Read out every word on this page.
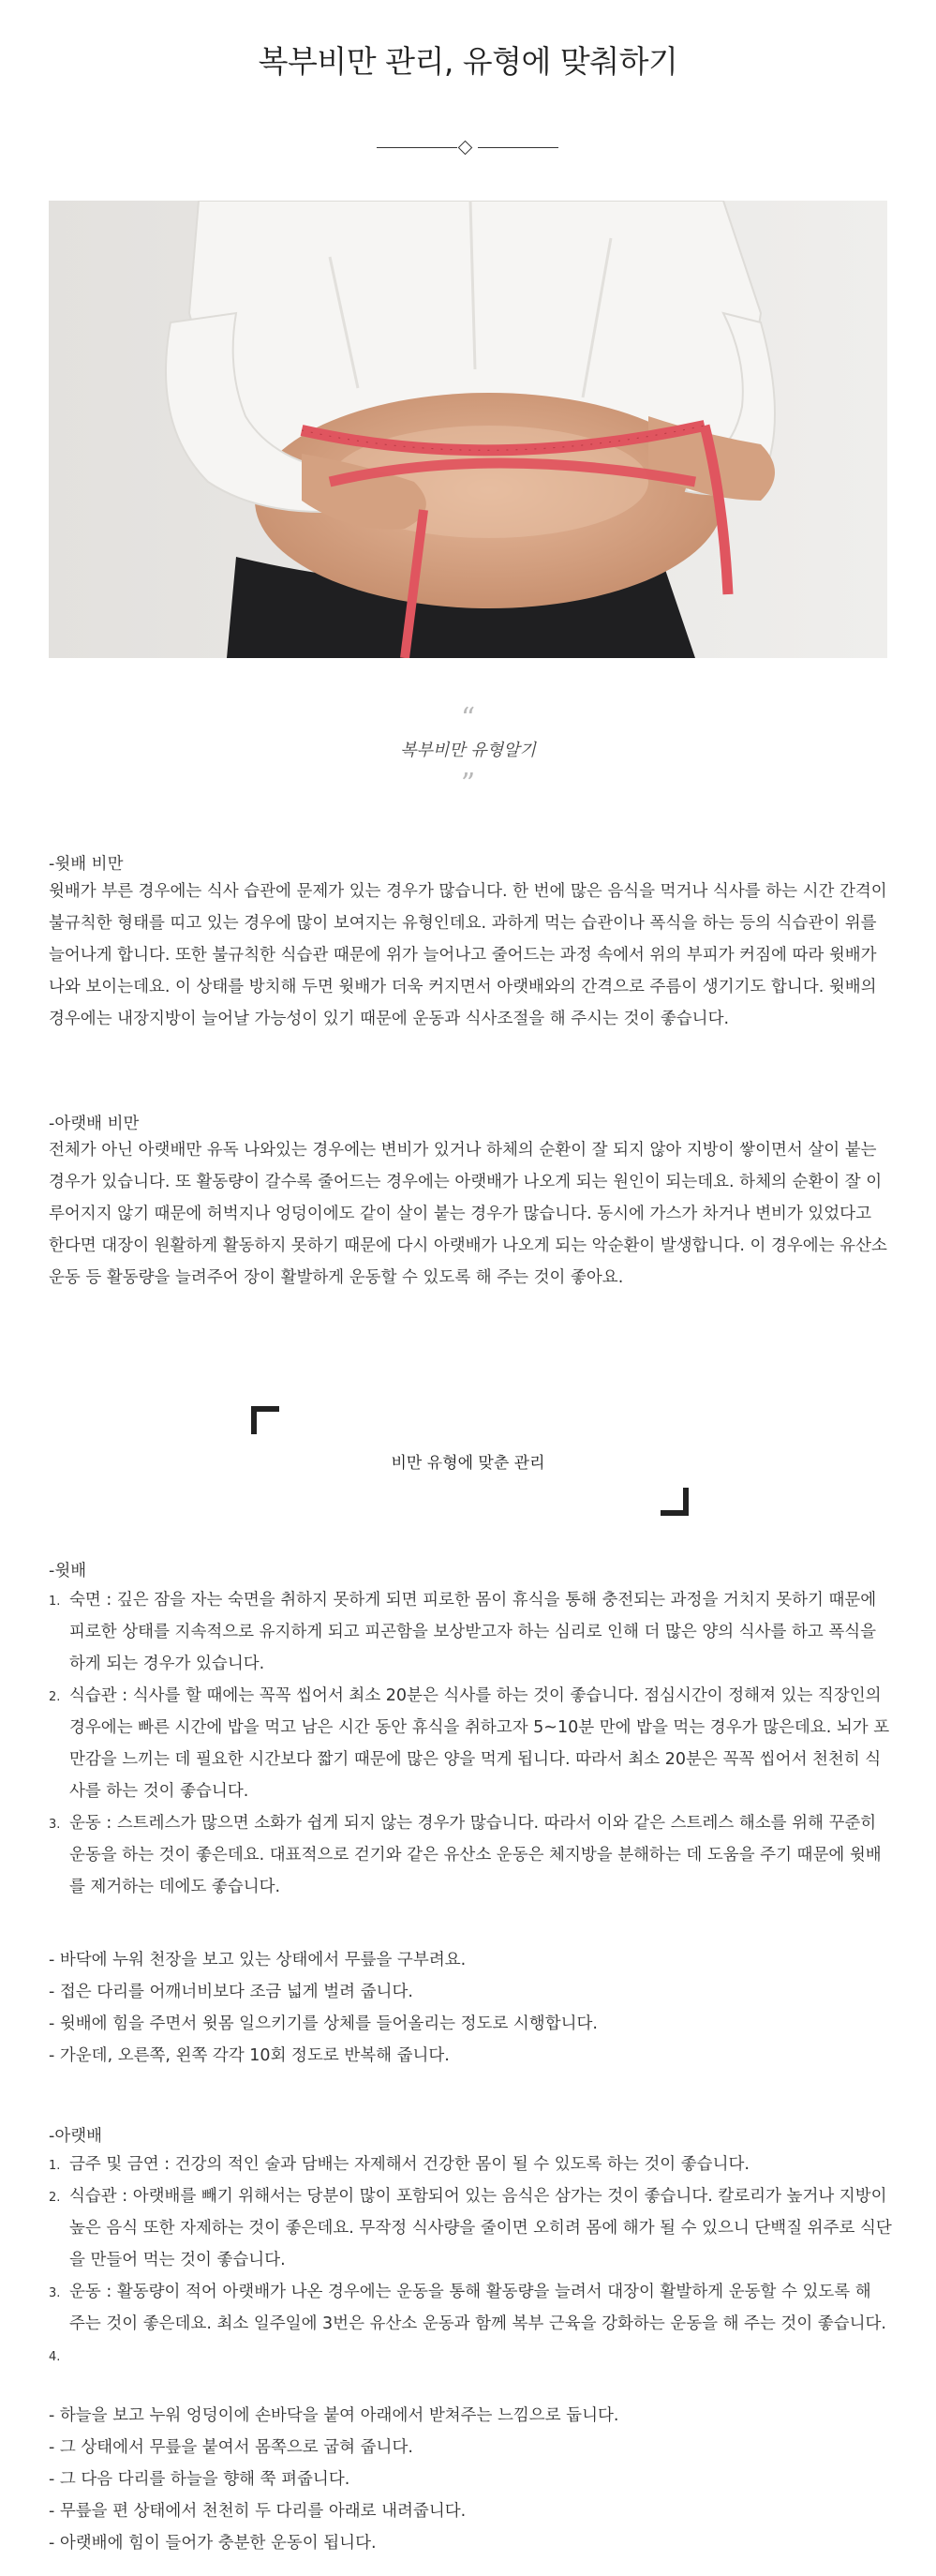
복부비만 관리, 유형에 맞춰하기
“
복부비만 유형알기
”
-윗배 비만

윗배가 부른 경우에는 식사 습관에 문제가 있는 경우가 많습니다. 한 번에 많은 음식을 먹거나 식사를 하는 시간 간격이 불규칙한 형태를 띠고 있는 경우에 많이 보여지는 유형인데요. 과하게 먹는 습관이나 폭식을 하는 등의 식습관이 위를 늘어나게 합니다. 또한 불규칙한 식습관 때문에 위가 늘어나고 줄어드는 과정 속에서 위의 부피가 커짐에 따라 윗배가 나와 보이는데요. 이 상태를 방치해 두면 윗배가 더욱 커지면서 아랫배와의 간격으로 주름이 생기기도 합니다. 윗배의 경우에는 내장지방이 늘어날 가능성이 있기 때문에 운동과 식사조절을 해 주시는 것이 좋습니다.

-아랫배 비만

전체가 아닌 아랫배만 유독 나와있는 경우에는 변비가 있거나 하체의 순환이 잘 되지 않아 지방이 쌓이면서 살이 붙는 경우가 있습니다. 또 활동량이 갈수록 줄어드는 경우에는 아랫배가 나오게 되는 원인이 되는데요. 하체의 순환이 잘 이루어지지 않기 때문에 허벅지나 엉덩이에도 같이 살이 붙는 경우가 많습니다. 동시에 가스가 차거나 변비가 있었다고 한다면 대장이 원활하게 활동하지 못하기 때문에 다시 아랫배가 나오게 되는 악순환이 발생합니다. 이 경우에는 유산소 운동 등 활동량을 늘려주어 장이 활발하게 운동할 수 있도록 해 주는 것이 좋아요.

비만 유형에 맞춘 관리
-윗배
1. 숙면 : 깊은 잠을 자는 숙면을 취하지 못하게 되면 피로한 몸이 휴식을 통해 충전되는 과정을 거치지 못하기 때문에 피로한 상태를 지속적으로 유지하게 되고 피곤함을 보상받고자 하는 심리로 인해 더 많은 양의 식사를 하고 폭식을 하게 되는 경우가 있습니다.
2. 식습관 : 식사를 할 때에는 꼭꼭 씹어서 최소 20분은 식사를 하는 것이 좋습니다. 점심시간이 정해져 있는 직장인의 경우에는 빠른 시간에 밥을 먹고 남은 시간 동안 휴식을 취하고자 5~10분 만에 밥을 먹는 경우가 많은데요. 뇌가 포만감을 느끼는 데 필요한 시간보다 짧기 때문에 많은 양을 먹게 됩니다. 따라서 최소 20분은 꼭꼭 씹어서 천천히 식사를 하는 것이 좋습니다.
3. 운동 : 스트레스가 많으면 소화가 쉽게 되지 않는 경우가 많습니다. 따라서 이와 같은 스트레스 해소를 위해 꾸준히 운동을 하는 것이 좋은데요. 대표적으로 걷기와 같은 유산소 운동은 체지방을 분해하는 데 도움을 주기 때문에 윗배를 제거하는 데에도 좋습니다.
- 바닥에 누워 천장을 보고 있는 상태에서 무릎을 구부려요.
- 접은 다리를 어깨너비보다 조금 넓게 벌려 줍니다.
- 윗배에 힘을 주면서 윗몸 일으키기를 상체를 들어올리는 정도로 시행합니다.
- 가운데, 오른쪽, 왼쪽 각각 10회 정도로 반복해 줍니다.
-아랫배
1. 금주 및 금연 : 건강의 적인 술과 담배는 자제해서 건강한 몸이 될 수 있도록 하는 것이 좋습니다.
2. 식습관 : 아랫배를 빼기 위해서는 당분이 많이 포함되어 있는 음식은 삼가는 것이 좋습니다. 칼로리가 높거나 지방이 높은 음식 또한 자제하는 것이 좋은데요. 무작정 식사량을 줄이면 오히려 몸에 해가 될 수 있으니 단백질 위주로 식단을 만들어 먹는 것이 좋습니다.
3. 운동 : 활동량이 적어 아랫배가 나온 경우에는 운동을 통해 활동량을 늘려서 대장이 활발하게 운동할 수 있도록 해 주는 것이 좋은데요. 최소 일주일에 3번은 유산소 운동과 함께 복부 근육을 강화하는 운동을 해 주는 것이 좋습니다.
4.
- 하늘을 보고 누워 엉덩이에 손바닥을 붙여 아래에서 받쳐주는 느낌으로 둡니다.
- 그 상태에서 무릎을 붙여서 몸쪽으로 굽혀 줍니다.
- 그 다음 다리를 하늘을 향해 쭉 펴줍니다.
- 무릎을 편 상태에서 천천히 두 다리를 아래로 내려줍니다.
- 아랫배에 힘이 들어가 충분한 운동이 됩니다.
